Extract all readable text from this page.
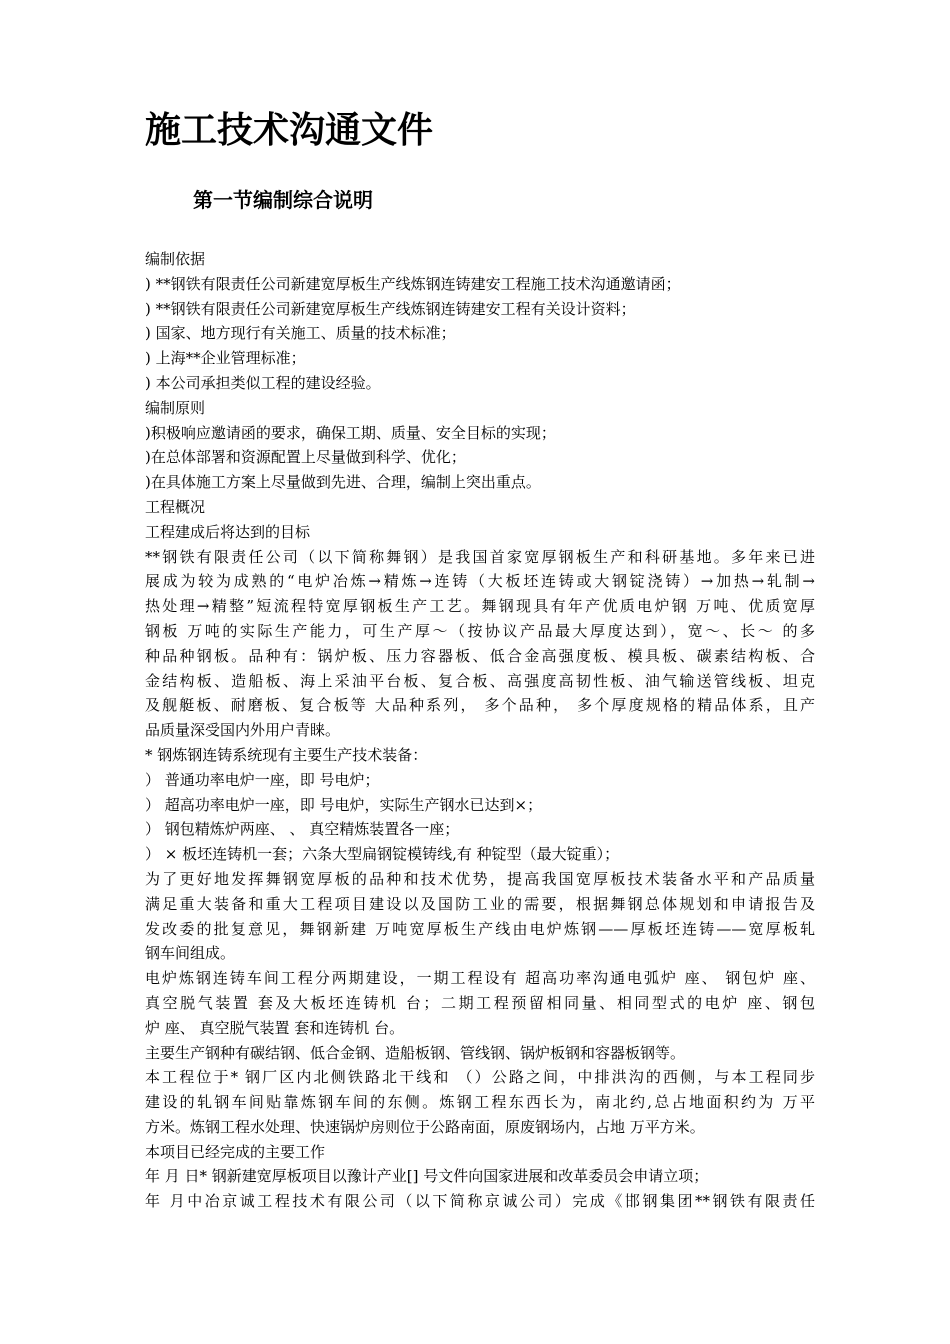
施工技术沟通文件
第一节编制综合说明
编制依据
) **钢铁有限责任公司新建宽厚板生产线炼钢连铸建安工程施工技术沟通邀请函；
) **钢铁有限责任公司新建宽厚板生产线炼钢连铸建安工程有关设计资料；
) 国家、地方现行有关施工、质量的技术标准；
) 上海**企业管理标准；
) 本公司承担类似工程的建设经验。
编制原则
)积极响应邀请函的要求，确保工期、质量、安全目标的实现；
)在总体部署和资源配置上尽量做到科学、优化；
)在具体施工方案上尽量做到先进、合理，编制上突出重点。
工程概况
工程建成后将达到的目标
**钢铁有限责任公司（以下简称舞钢）是我国首家宽厚钢板生产和科研基地。多年来已进
展成为较为成熟的“电炉冶炼→精炼→连铸（大板坯连铸或大钢锭浇铸）→加热→轧制→
热处理→精整”短流程特宽厚钢板生产工艺。舞钢现具有年产优质电炉钢 万吨、优质宽厚
钢板 万吨的实际生产能力，可生产厚～（按协议产品最大厚度达到），宽～、长～ 的多
种品种钢板。品种有：锅炉板、压力容器板、低合金高强度板、模具板、碳素结构板、合
金结构板、造船板、海上采油平台板、复合板、高强度高韧性板、油气输送管线板、坦克
及舰艇板、耐磨板、复合板等 大品种系列， 多个品种， 多个厚度规格的精品体系，且产
品质量深受国内外用户青睐。
* 钢炼钢连铸系统现有主要生产技术装备：
） 普通功率电炉一座，即 号电炉；
） 超高功率电炉一座，即 号电炉，实际生产钢水已达到×；
） 钢包精炼炉两座、 、 真空精炼装置各一座；
） × 板坯连铸机一套；六条大型扁钢锭模铸线,有 种锭型（最大锭重）；
为了更好地发挥舞钢宽厚板的品种和技术优势，提高我国宽厚板技术装备水平和产品质量
满足重大装备和重大工程项目建设以及国防工业的需要，根据舞钢总体规划和申请报告及
发改委的批复意见，舞钢新建 万吨宽厚板生产线由电炉炼钢——厚板坯连铸——宽厚板轧
钢车间组成。
电炉炼钢连铸车间工程分两期建设，一期工程设有 超高功率沟通电弧炉 座、 钢包炉 座、
真空脱气装置 套及大板坯连铸机 台；二期工程预留相同量、相同型式的电炉 座、钢包
炉 座、 真空脱气装置 套和连铸机 台。
主要生产钢种有碳结钢、低合金钢、造船板钢、管线钢、锅炉板钢和容器板钢等。
本工程位于* 钢厂区内北侧铁路北干线和 （）公路之间，中排洪沟的西侧，与本工程同步
建设的轧钢车间贴靠炼钢车间的东侧。炼钢工程东西长为，南北约,总占地面积约为 万平
方米。炼钢工程水处理、快速锅炉房则位于公路南面，原废钢场内，占地 万平方米。
本项目已经完成的主要工作
年 月 日* 钢新建宽厚板项目以豫计产业[] 号文件向国家进展和改革委员会申请立项；
年 月中冶京诚工程技术有限公司（以下简称京诚公司）完成《邯钢集团**钢铁有限责任
